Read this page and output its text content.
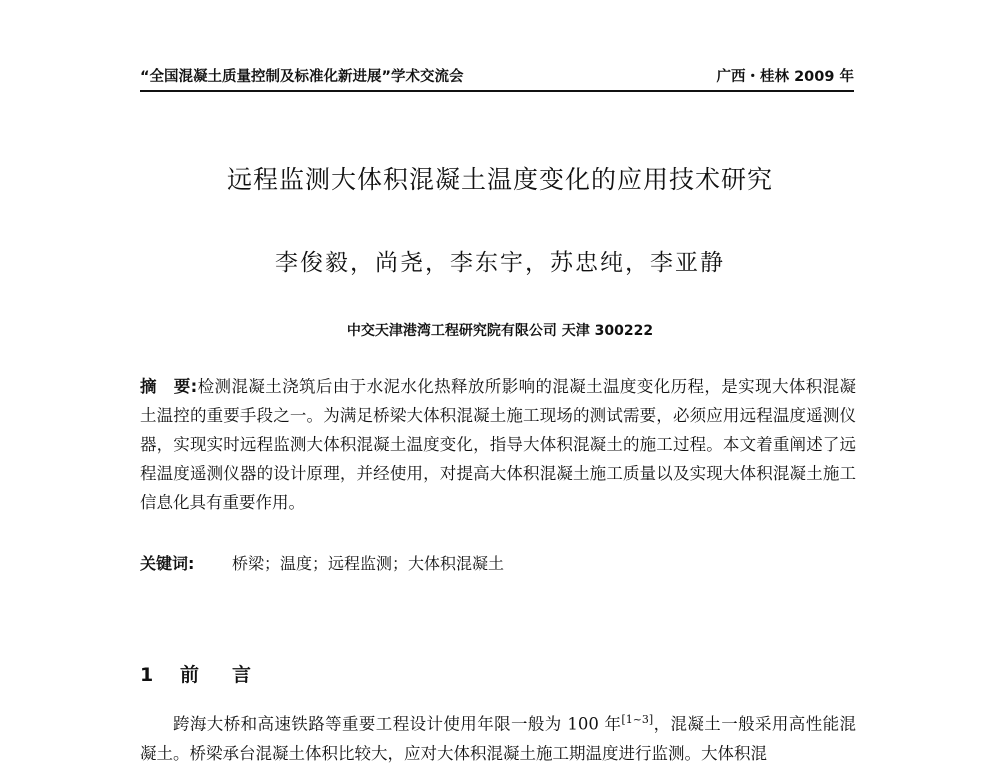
“全国混凝土质量控制及标准化新进展”学术交流会	广西・桂林 2009 年
远程监测大体积混凝土温度变化的应用技术研究
李俊毅，尚尧，李东宇，苏忠纯，李亚静
中交天津港湾工程研究院有限公司 天津 300222
摘　要:检测混凝土浇筑后由于水泥水化热释放所影响的混凝土温度变化历程，是实现大体积混凝土温控的重要手段之一。为满足桥梁大体积混凝土施工现场的测试需要，必须应用远程温度遥测仪器，实现实时远程监测大体积混凝土温度变化，指导大体积混凝土的施工过程。本文着重阐述了远程温度遥测仪器的设计原理，并经使用，对提高大体积混凝土施工质量以及实现大体积混凝土施工信息化具有重要作用。
关键词: 桥梁；温度；远程监测；大体积混凝土
1 前 言
跨海大桥和高速铁路等重要工程设计使用年限一般为 100 年[1~3]，混凝土一般采用高性能混凝土。桥梁承台混凝土体积比较大，应对大体积混凝土施工期温度进行监测。大体积混
